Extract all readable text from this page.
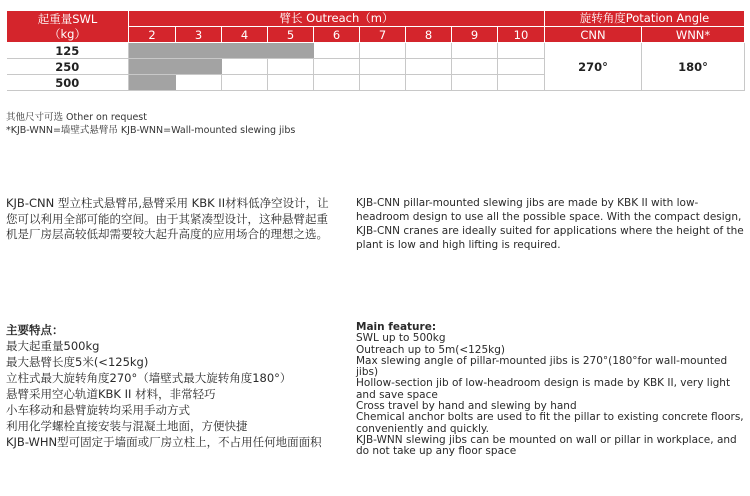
起重量SWL
（kg）	臂长 Outreach（m）									旋转角度Potation Angle	
	2	3	4	5	6	7	8	9	10	CNN	WNN*
125										270°	180°
250											
500											
其他尺寸可选 Other on request
*KJB-WNN=墙壁式悬臂吊 KJB-WNN=Wall-mounted slewing jibs
KJB-CNN 型立柱式悬臂吊,悬臂采用 KBK II材料低净空设计，让您可以利用全部可能的空间。由于其紧凑型设计，这种悬臂起重机是厂房层高较低却需要较大起升高度的应用场合的理想之选。
KJB-CNN pillar-mounted slewing jibs are made by KBK II with low-headroom design to use all the possible space. With the compact design, KJB-CNN cranes are ideally suited for applications where the height of the plant is low and high lifting is required.
主要特点：
最大起重量500kg
最大悬臂长度5米(<125kg)
立柱式最大旋转角度270°（墙壁式最大旋转角度180°）
悬臂采用空心轨道KBK II 材料，非常轻巧
小车移动和悬臂旋转均采用手动方式
利用化学螺栓直接安装与混凝土地面，方便快捷
KJB-WHN型可固定于墙面或厂房立柱上，不占用任何地面面积
Main feature:
SWL up to 500kg
Outreach up to 5m(<125kg)
Max slewing angle of pillar-mounted jibs is 270°(180°for wall-mounted jibs)
Hollow-section jib of low-headroom design is made by KBK II, very light and save space
Cross travel by hand and slewing by hand
Chemical anchor bolts are used to fit the pillar to existing concrete floors, conveniently and quickly.
KJB-WNN slewing jibs can be mounted on wall or pillar in workplace, and do not take up any floor space
